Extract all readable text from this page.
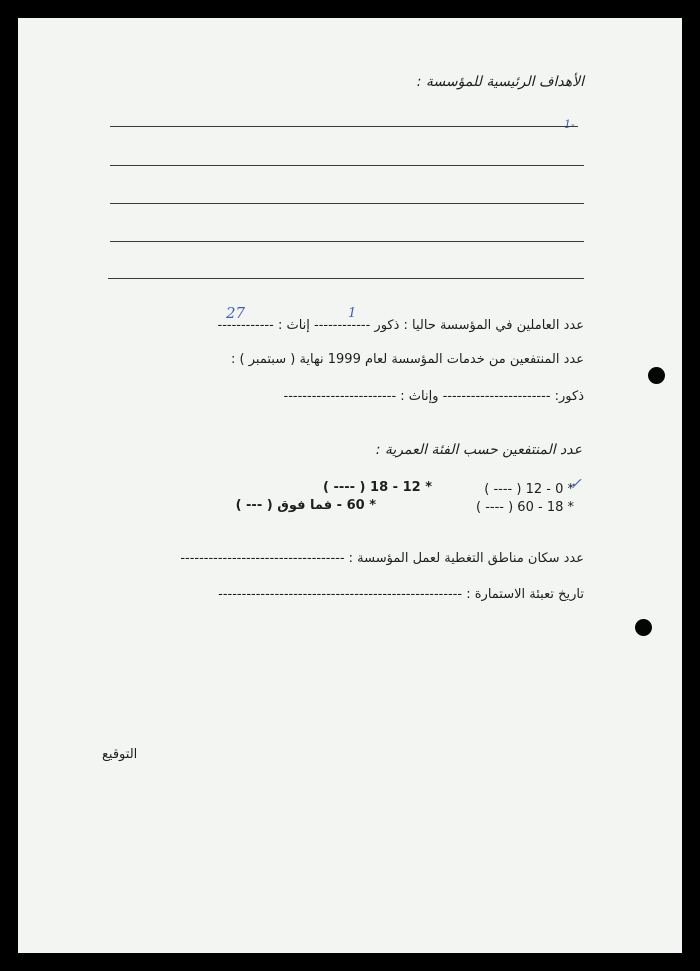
الأهداف الرئيسية للمؤسسة :
1-
27	1
عدد العاملين في المؤسسة حاليا : ذكور ------------ إناث : ------------
عدد المنتفعين من خدمات المؤسسة لعام 1999 نهاية ( سبتمبر ) :
ذكور: ----------------------- وإناث : ------------------------
عدد المنتفعين حسب الفئة العمرية :
✓
* 0 - 12 ( ---- )
* 12 - 18 ( ---- )
* 18 - 60 ( ---- )
* 60 - فما فوق ( --- )
عدد سكان مناطق التغطية لعمل المؤسسة : -----------------------------------
تاريخ تعبئة الاستمارة : ----------------------------------------------------
التوقيع
